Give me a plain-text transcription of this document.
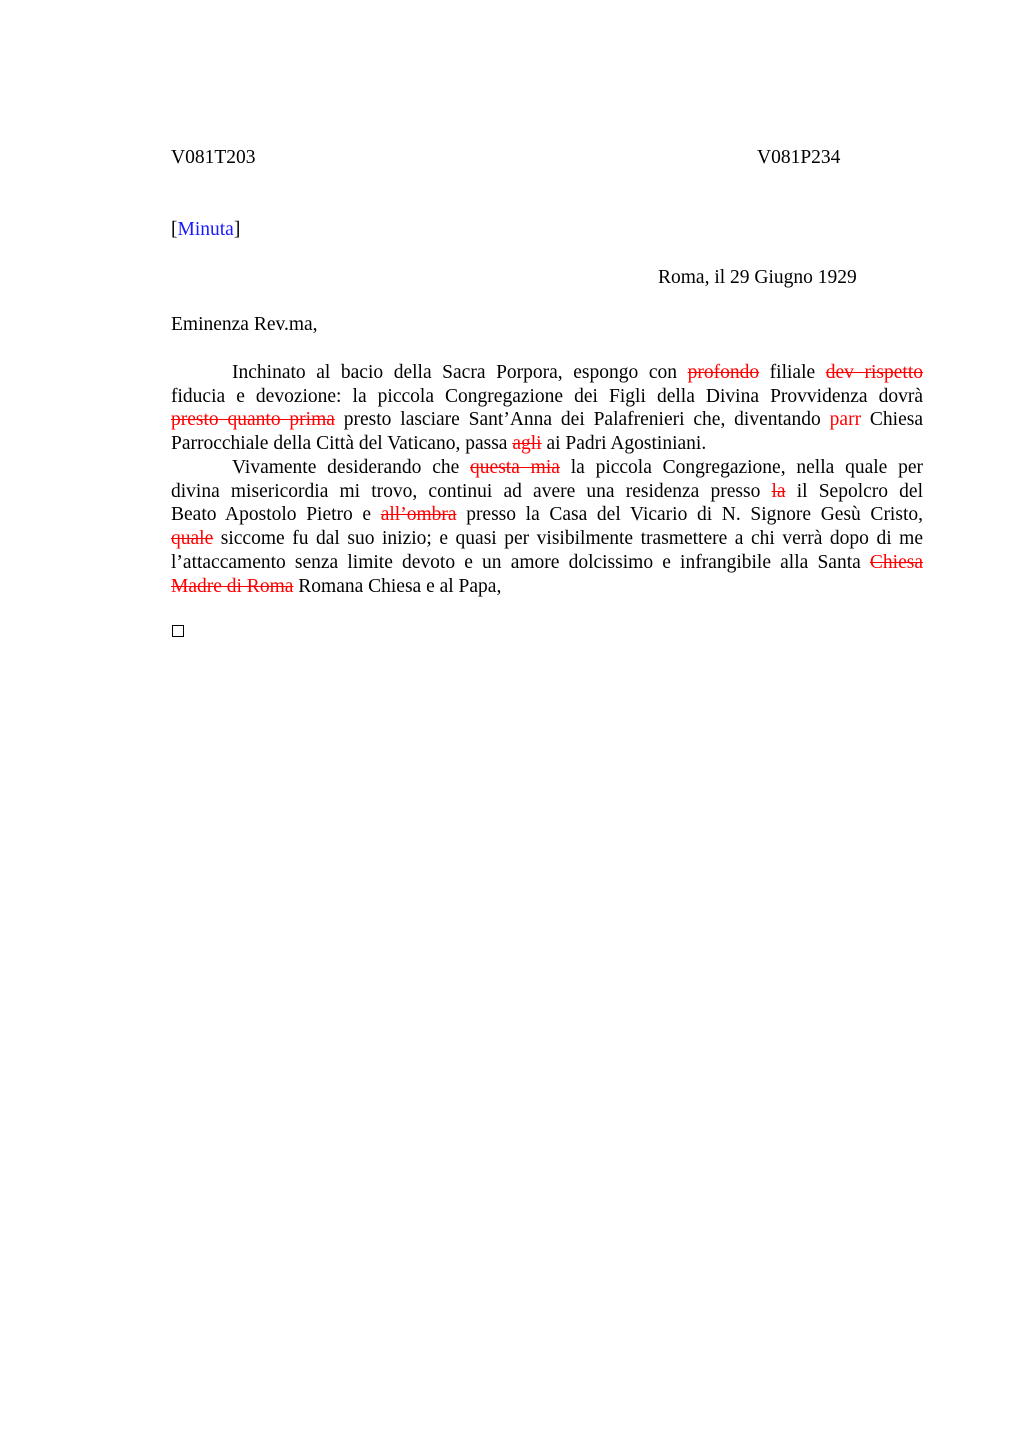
V081T203	V081P234
[Minuta]
Roma, il 29 Giugno 1929
Eminenza Rev.ma,
Inchinato al bacio della Sacra Porpora, espongo con profondo filiale dev rispetto
fiducia e devozione: la piccola Congregazione dei Figli della Divina Provvidenza dovrà
presto quanto prima presto lasciare Sant’Anna dei Palafrenieri che, diventando parr Chiesa
Parrocchiale della Città del Vaticano, passa agli ai Padri Agostiniani.
Vivamente desiderando che questa mia la piccola Congregazione, nella quale per
divina misericordia mi trovo, continui ad avere una residenza presso la il Sepolcro del
Beato Apostolo Pietro e all’ombra presso la Casa del Vicario di N. Signore Gesù Cristo,
quale siccome fu dal suo inizio; e quasi per visibilmente trasmettere a chi verrà dopo di me
l’attaccamento senza limite devoto e un amore dolcissimo e infrangibile alla Santa Chiesa
Madre di Roma Romana Chiesa e al Papa,
